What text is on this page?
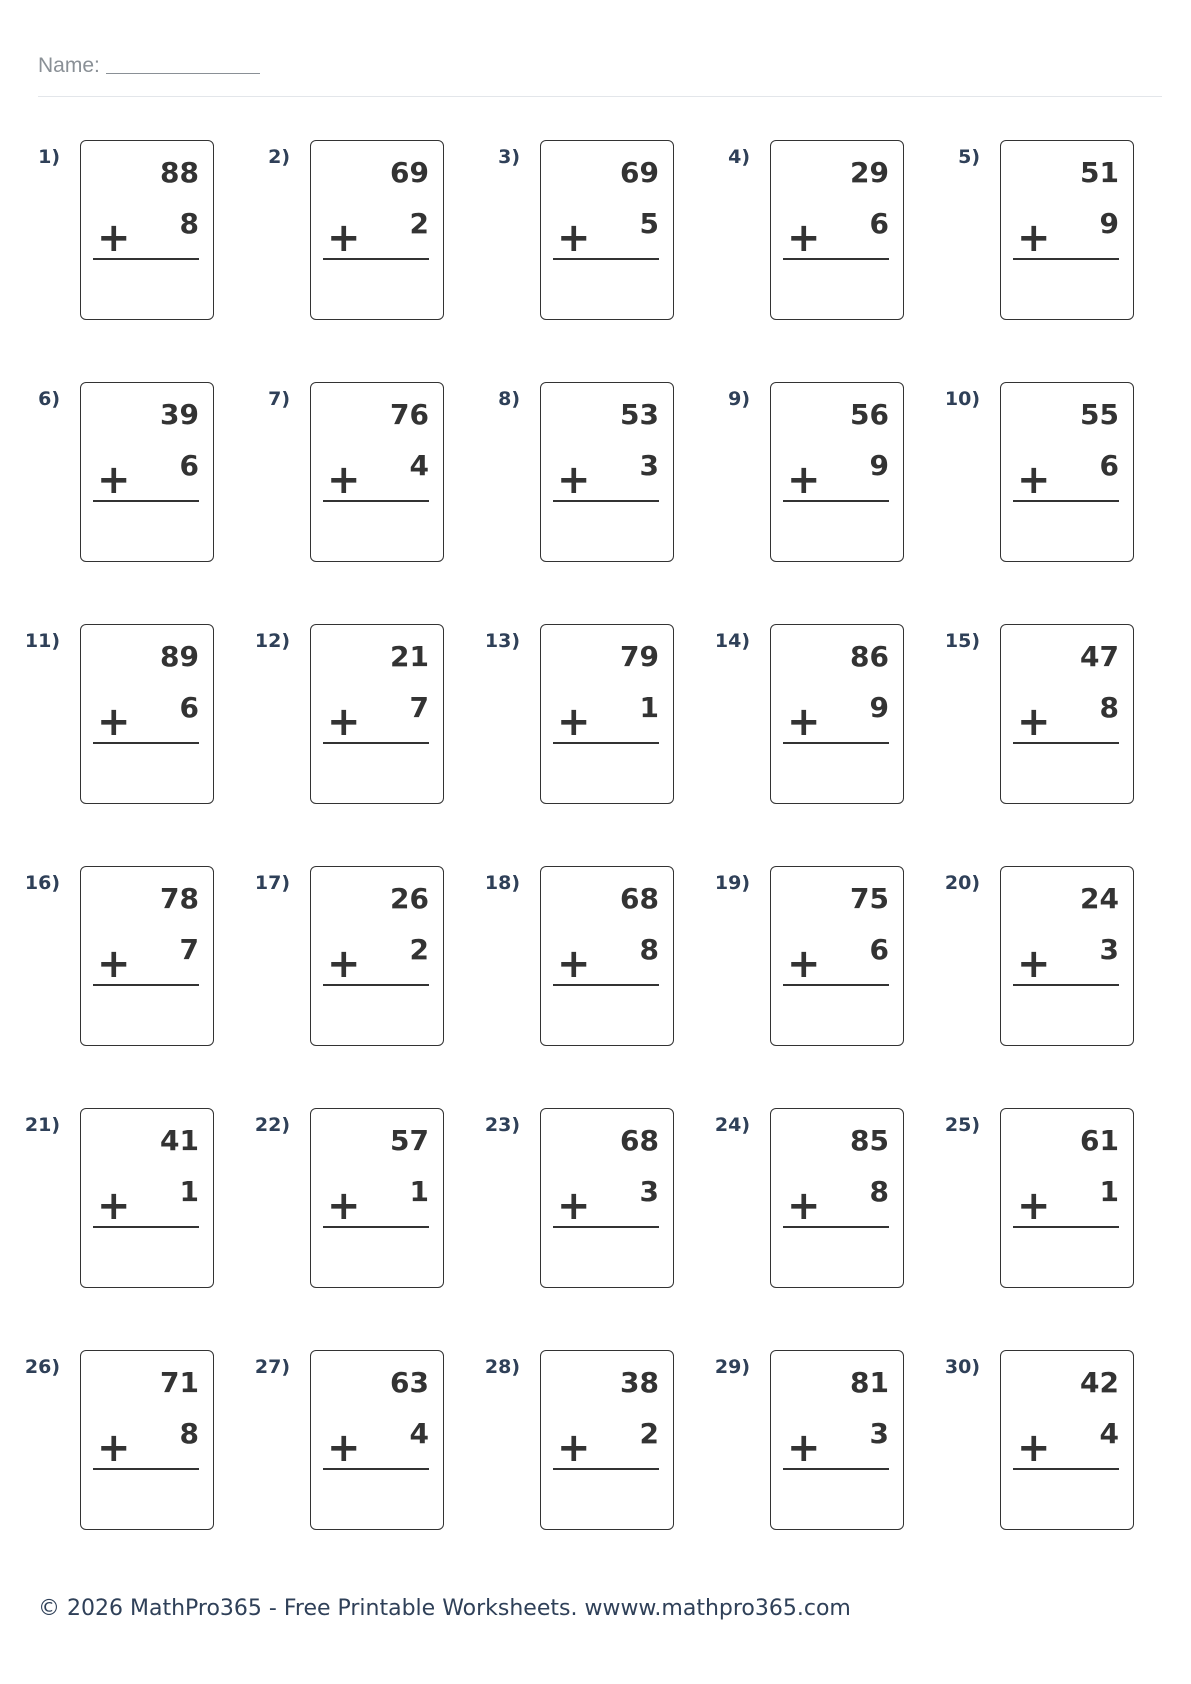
Name:
1)	88
+ 8
2)	69
+ 2
3)	69
+ 5
4)	29
+ 6
5)	51
+ 9
6)	39
+ 6
7)	76
+ 4
8)	53
+ 3
9)	56
+ 9
10)	55
+ 6
11)	89
+ 6
12)	21
+ 7
13)	79
+ 1
14)	86
+ 9
15)	47
+ 8
16)	78
+ 7
17)	26
+ 2
18)	68
+ 8
19)	75
+ 6
20)	24
+ 3
21)	41
+ 1
22)	57
+ 1
23)	68
+ 3
24)	85
+ 8
25)	61
+ 1
26)	71
+ 8
27)	63
+ 4
28)	38
+ 2
29)	81
+ 3
30)	42
+ 4
© 2026 MathPro365 - Free Printable Worksheets. wwww.mathpro365.com
